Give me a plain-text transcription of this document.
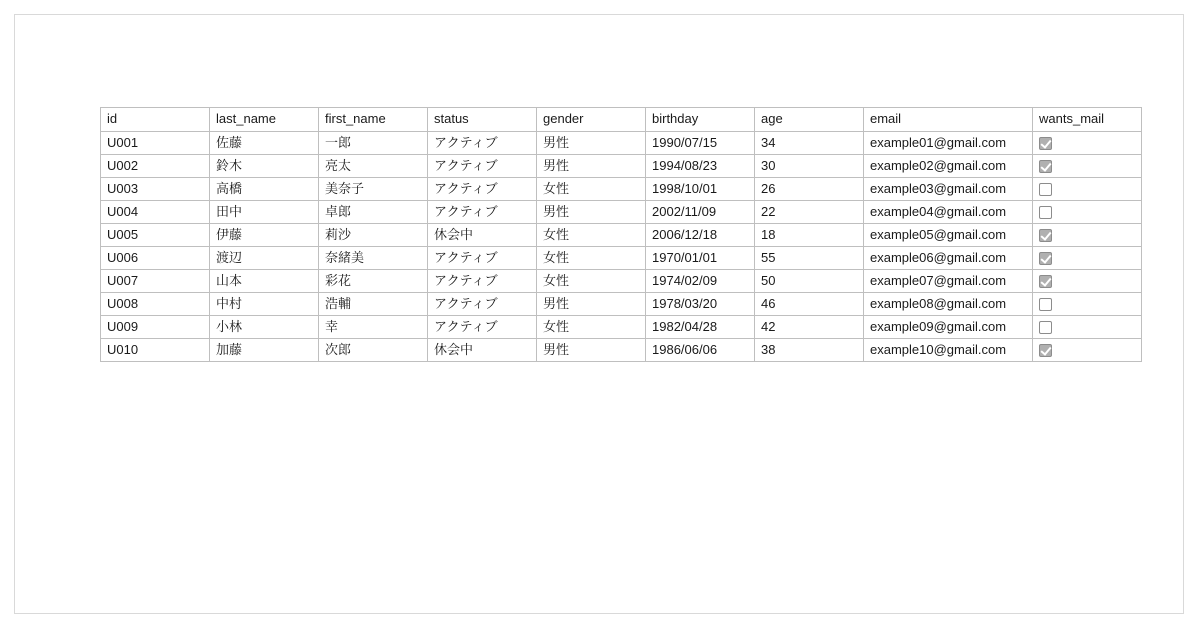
id	last_name	first_name	status	gender	birthday	age	email	wants_mail
U001	佐藤	一郎	アクティブ	男性	1990/07/15	34	example01@gmail.com	
U002	鈴木	亮太	アクティブ	男性	1994/08/23	30	example02@gmail.com	
U003	高橋	美奈子	アクティブ	女性	1998/10/01	26	example03@gmail.com	
U004	田中	卓郎	アクティブ	男性	2002/11/09	22	example04@gmail.com	
U005	伊藤	莉沙	休会中	女性	2006/12/18	18	example05@gmail.com	
U006	渡辺	奈緒美	アクティブ	女性	1970/01/01	55	example06@gmail.com	
U007	山本	彩花	アクティブ	女性	1974/02/09	50	example07@gmail.com	
U008	中村	浩輔	アクティブ	男性	1978/03/20	46	example08@gmail.com	
U009	小林	幸	アクティブ	女性	1982/04/28	42	example09@gmail.com	
U010	加藤	次郎	休会中	男性	1986/06/06	38	example10@gmail.com	
